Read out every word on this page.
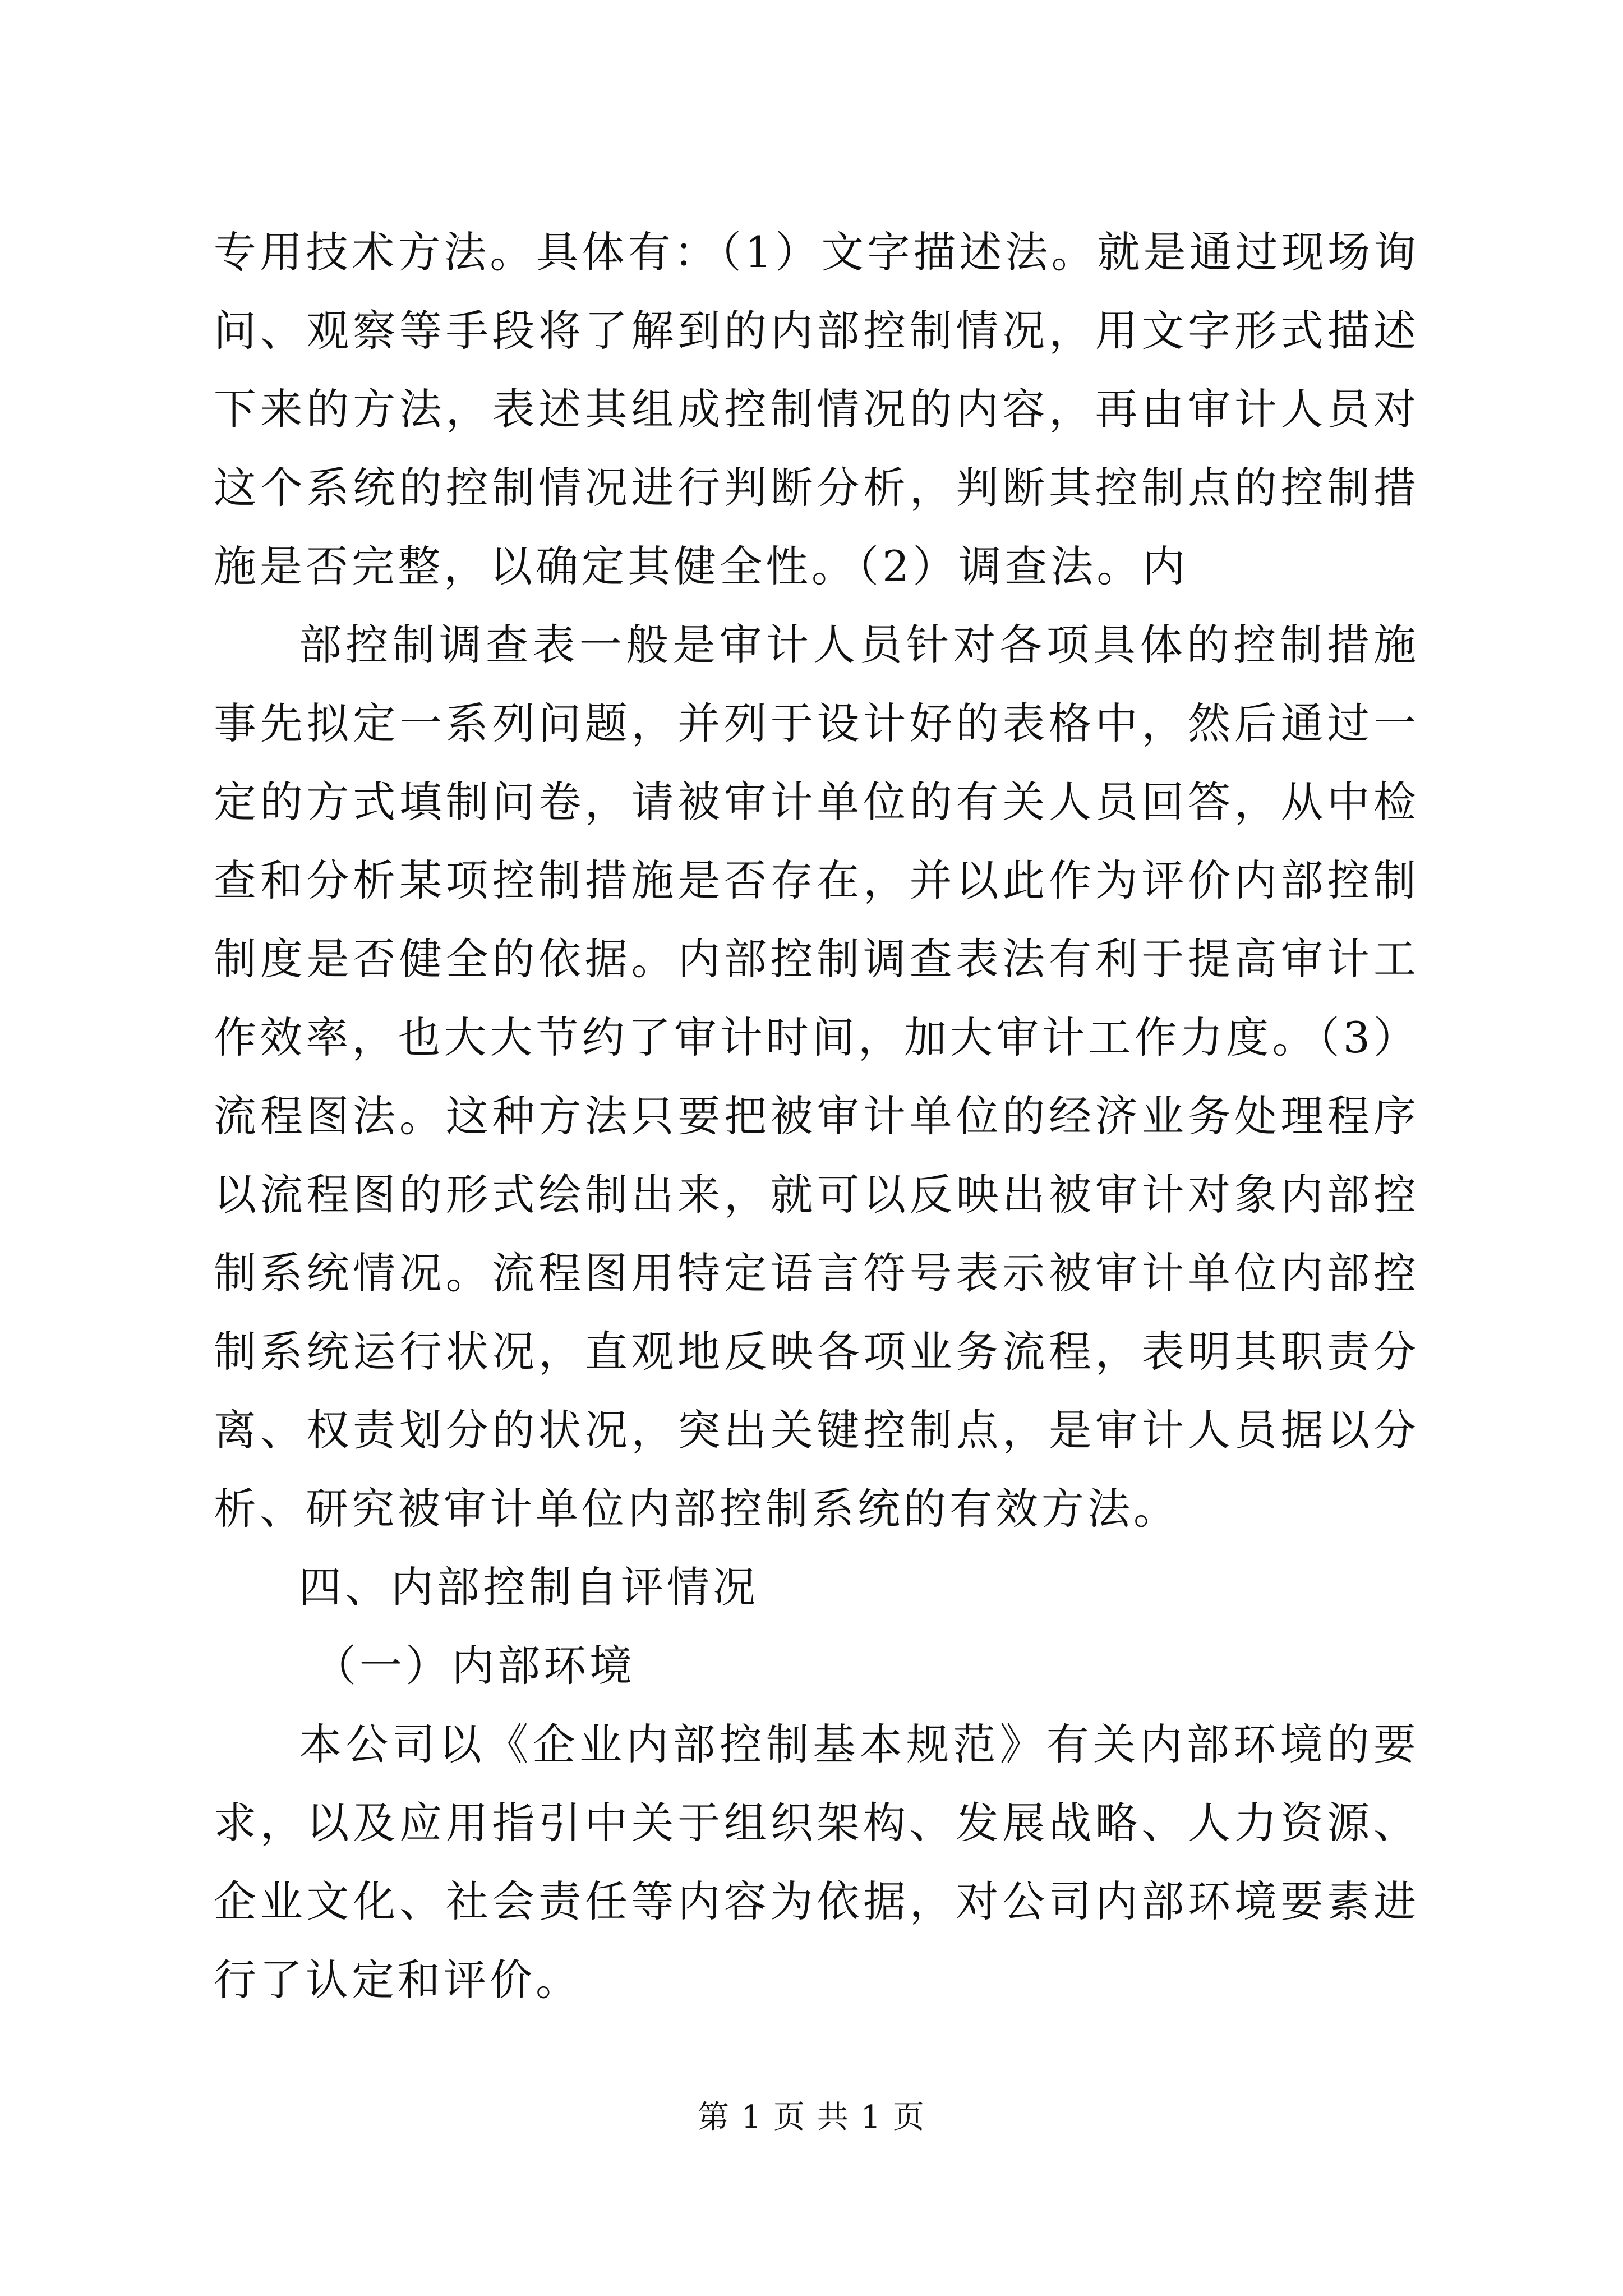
专用技术方法。具体有：（1）文字描述法。就是通过现场询问、观察等手段将了解到的内部控制情况，用文字形式描述下来的方法，表述其组成控制情况的内容，再由审计人员对这个系统的控制情况进行判断分析，判断其控制点的控制措施是否完整，以确定其健全性。（2）调查法。内

部控制调查表一般是审计人员针对各项具体的控制措施事先拟定一系列问题，并列于设计好的表格中，然后通过一定的方式填制问卷，请被审计单位的有关人员回答，从中检查和分析某项控制措施是否存在，并以此作为评价内部控制制度是否健全的依据。内部控制调查表法有利于提高审计工作效率，也大大节约了审计时间，加大审计工作力度。（3）流程图法。这种方法只要把被审计单位的经济业务处理程序以流程图的形式绘制出来，就可以反映出被审计对象内部控制系统情况。流程图用特定语言符号表示被审计单位内部控制系统运行状况，直观地反映各项业务流程，表明其职责分离、权责划分的状况，突出关键控制点，是审计人员据以分析、研究被审计单位内部控制系统的有效方法。

四、内部控制自评情况

（一）内部环境

本公司以《企业内部控制基本规范》有关内部环境的要求，以及应用指引中关于组织架构、发展战略、人力资源、企业文化、社会责任等内容为依据，对公司内部环境要素进行了认定和评价。

第 1 页 共 1 页
